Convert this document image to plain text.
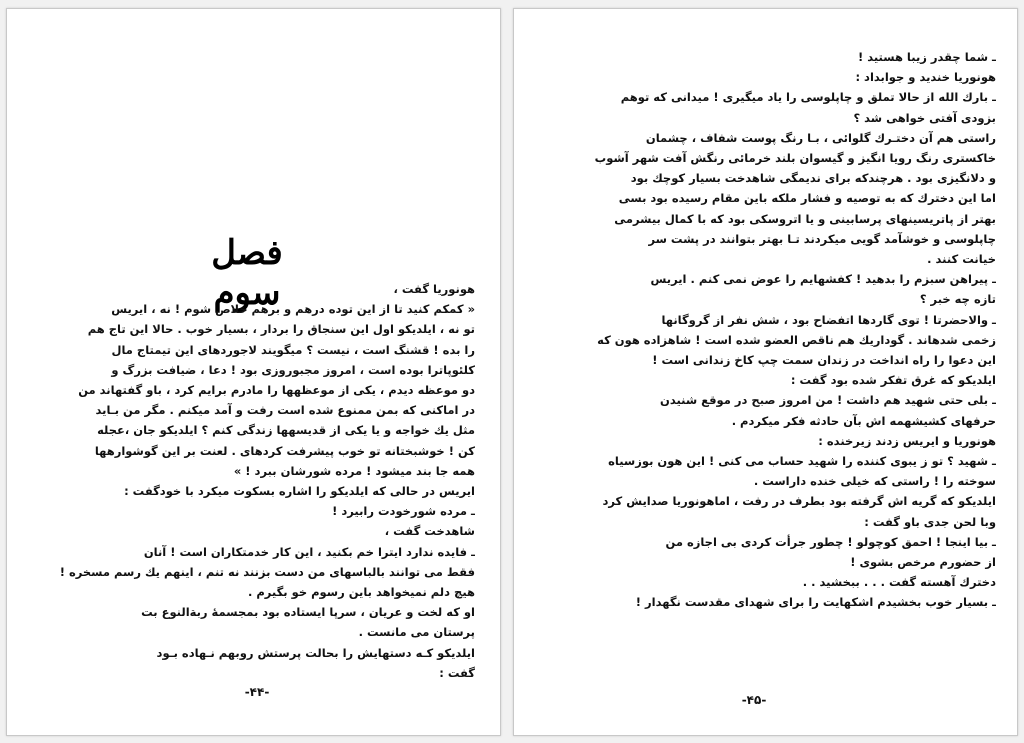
فصل سوم	هونوریا گفت ،
« کمکم کنید تا از این توده درهم و برهم خلاص شوم ! نه ، ایریس
تو نه ، ایلدیکو اول این سنجاق را بردار ، بسیار خوب . حالا این تاج هم
را بده ! قشنگ است ، نیست ؟ میگویند لاجوردهای این تیمتاج مال
کلئوپاترا بوده است ، امروز مجبوروزی بود ! دعا ، ضیافت بزرگ و
دو موعظه دیدم ، یکی از موعظهها را مادرم برایم کرد ، باو گفتهاند من
در اماکنی که بمن ممنوع شده است رفت و آمد میکنم . مگر من بـاید
مثل یك خواجه و یا یکی از قدیسهها زندگی کنم ؟ ایلدیکو جان ،عجله
کن ! خوشبختانه تو خوب پیشرفت کردهای . لعنت بر این گوشوارهها
همه جا بند میشود ! مرده شورشان ببرد ! »
ایریس در حالی که ایلدیکو را اشاره بسکوت میکرد با خودگفت :
ـ مرده شورخودت رابیرد !
شاهدخت گفت ،
ـ فایده ندارد ایترا خم بکنید ، این کار خدمتکاران است ! آنان
فقط می توانند بالباسهای من دست بزنند نه تنم ، اینهم یك رسم مسخره !
هیچ دلم نمیخواهد باین رسوم خو بگیرم .
او که لخت و عریان ، سرپا ایستاده بود بمجسمهٔ ربةالنوع بت
پرستان می مانست .
ایلدیکو کـه دستهایش را بحالت پرستش روبهم نـهاده بـود
گفت :
-۴۴-
ـ شما چقدر زیبا هستید !
هونوریا خندید و جوابداد :
ـ بارك الله از حالا تملق و چاپلوسی را یاد میگیری ! میدانی که توهم
بزودی آفتی خواهی شد ؟
راستی هم آن دختـرك گلوائی ، بـا رنگ پوست شفاف ، چشمان
خاکستری رنگ رویا انگیز و گیسوان بلند خرمائی رنگش آفت شهر آشوب
و دلانگیزی بود . هرچندکه برای ندیمگی شاهدخت بسیار کوچك بود
اما این دخترك که به توصیه و فشار ملکه باین مقام رسیده بود بسی
بهتر از پاتریسینهای پرسابینی و یا اتروسکی بود که با کمال بیشرمی
چاپلوسی و خوشآمد گویی میکردند تـا بهتر بتوانند در پشت سر
خیانت کنند .
ـ پیراهن سبزم را بدهید ! کفشهایم را عوض نمی کنم . ایریس
تازه چه خبر ؟
ـ والاحضرتا ! توی گاردها اتفضاح بود ، شش نفر از گروگانها
زخمی شدهاند . گوداریك هم ناقص العضو شده است ! شاهزاده هون که
این دعوا را راه انداخت در زندان سمت چپ کاخ زندانی است !
ایلدیکو که غرق تفکر شده بود گفت :
ـ بلی حتی شهید هم داشت ! من امروز صبح در موقع شنیدن
حرفهای کشیشهمه اش بآن حادثه فکر میکردم .
هونوریا و ایریس زدند زیرخنده :
ـ شهید ؟ تو ز یبوی کننده را شهید حساب می کنی ! این هون بوزسیاه
سوخته را ! راستی که خیلی خنده داراست .
ایلدیکو که گریه اش گرفته بود بطرف در رفت ، اماهونوریا صدایش کرد
وبا لحن جدی باو گفت :
ـ بیا اینجا ! احمق کوچولو ! چطور جرأت کردی بی اجازه من
از حضورم مرخص بشوی !
دخترك آهسته گفت . . . ببخشید . .
ـ بسیار خوب بخشیدم اشکهایت را برای شهدای مقدست نگهدار !
-۴۵-
